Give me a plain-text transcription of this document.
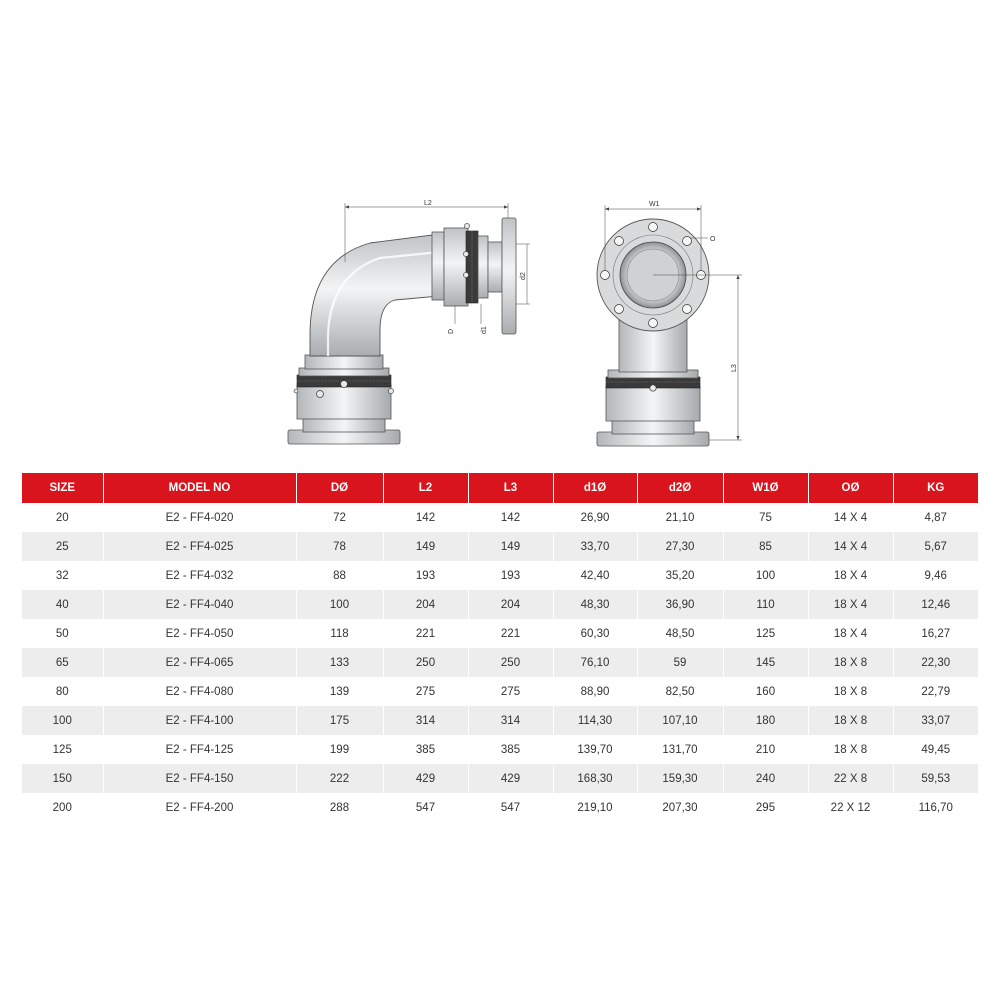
L2
d2
D	d1
W1
O
L3
SIZE	MODEL NO	DØ	L2	L3	d1Ø	d2Ø	W1Ø	OØ	KG
20	E2 - FF4-020	72	142	142	26,90	21,10	75	14 X 4	4,87
25	E2 - FF4-025	78	149	149	33,70	27,30	85	14 X 4	5,67
32	E2 - FF4-032	88	193	193	42,40	35,20	100	18 X 4	9,46
40	E2 - FF4-040	100	204	204	48,30	36,90	110	18 X 4	12,46
50	E2 - FF4-050	118	221	221	60,30	48,50	125	18 X 4	16,27
65	E2 - FF4-065	133	250	250	76,10	59	145	18 X 8	22,30
80	E2 - FF4-080	139	275	275	88,90	82,50	160	18 X 8	22,79
100	E2 - FF4-100	175	314	314	114,30	107,10	180	18 X 8	33,07
125	E2 - FF4-125	199	385	385	139,70	131,70	210	18 X 8	49,45
150	E2 - FF4-150	222	429	429	168,30	159,30	240	22 X 8	59,53
200	E2 - FF4-200	288	547	547	219,10	207,30	295	22 X 12	116,70
